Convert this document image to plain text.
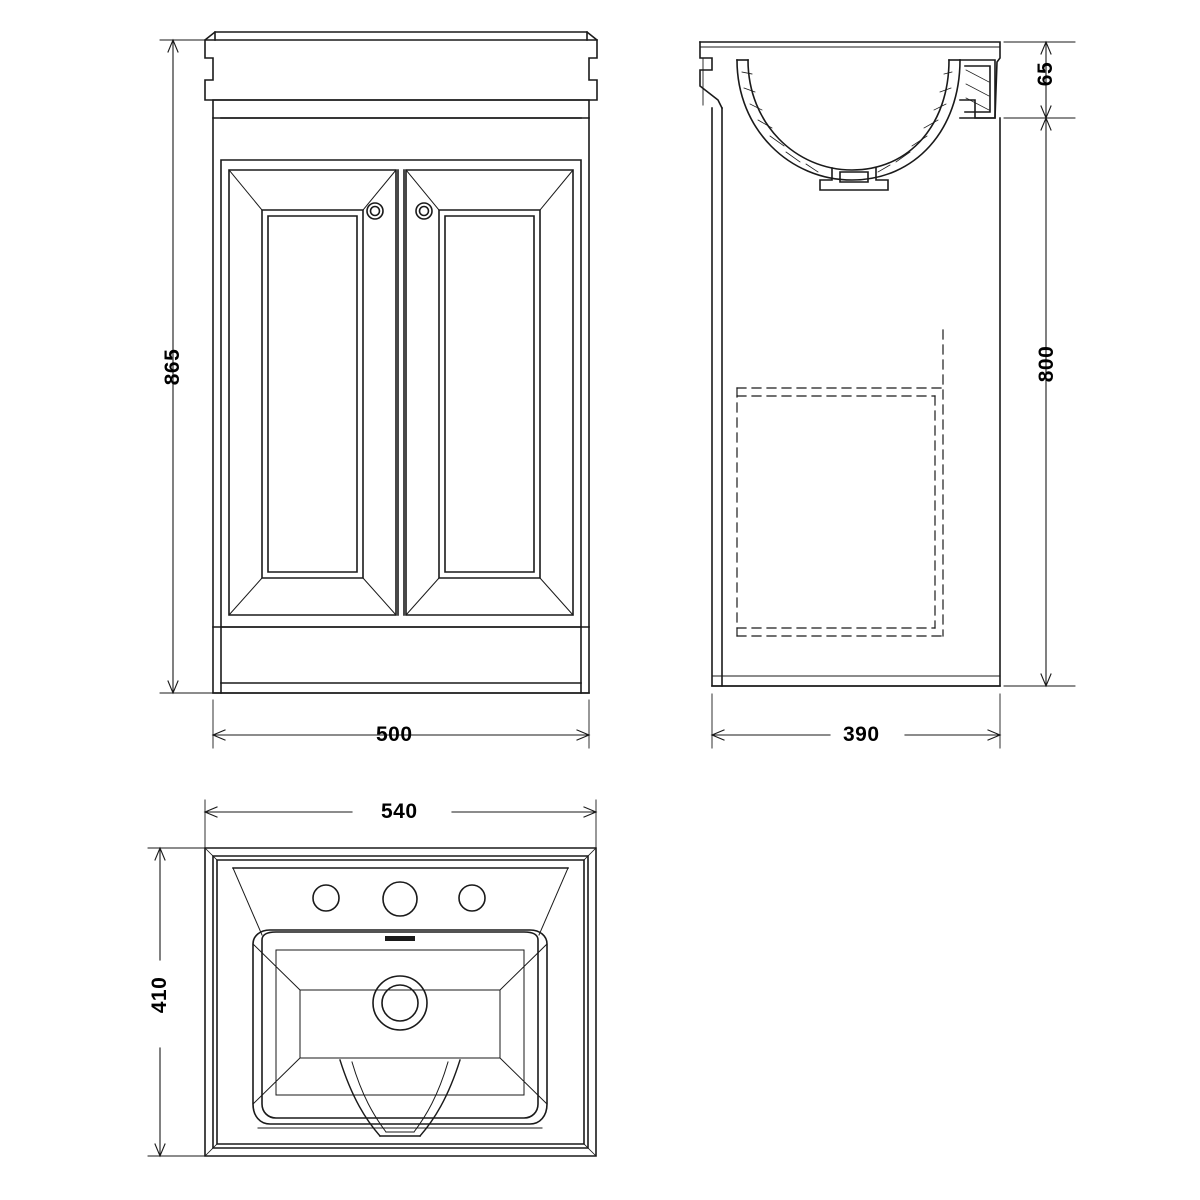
865
500
65
800
390
540
410
